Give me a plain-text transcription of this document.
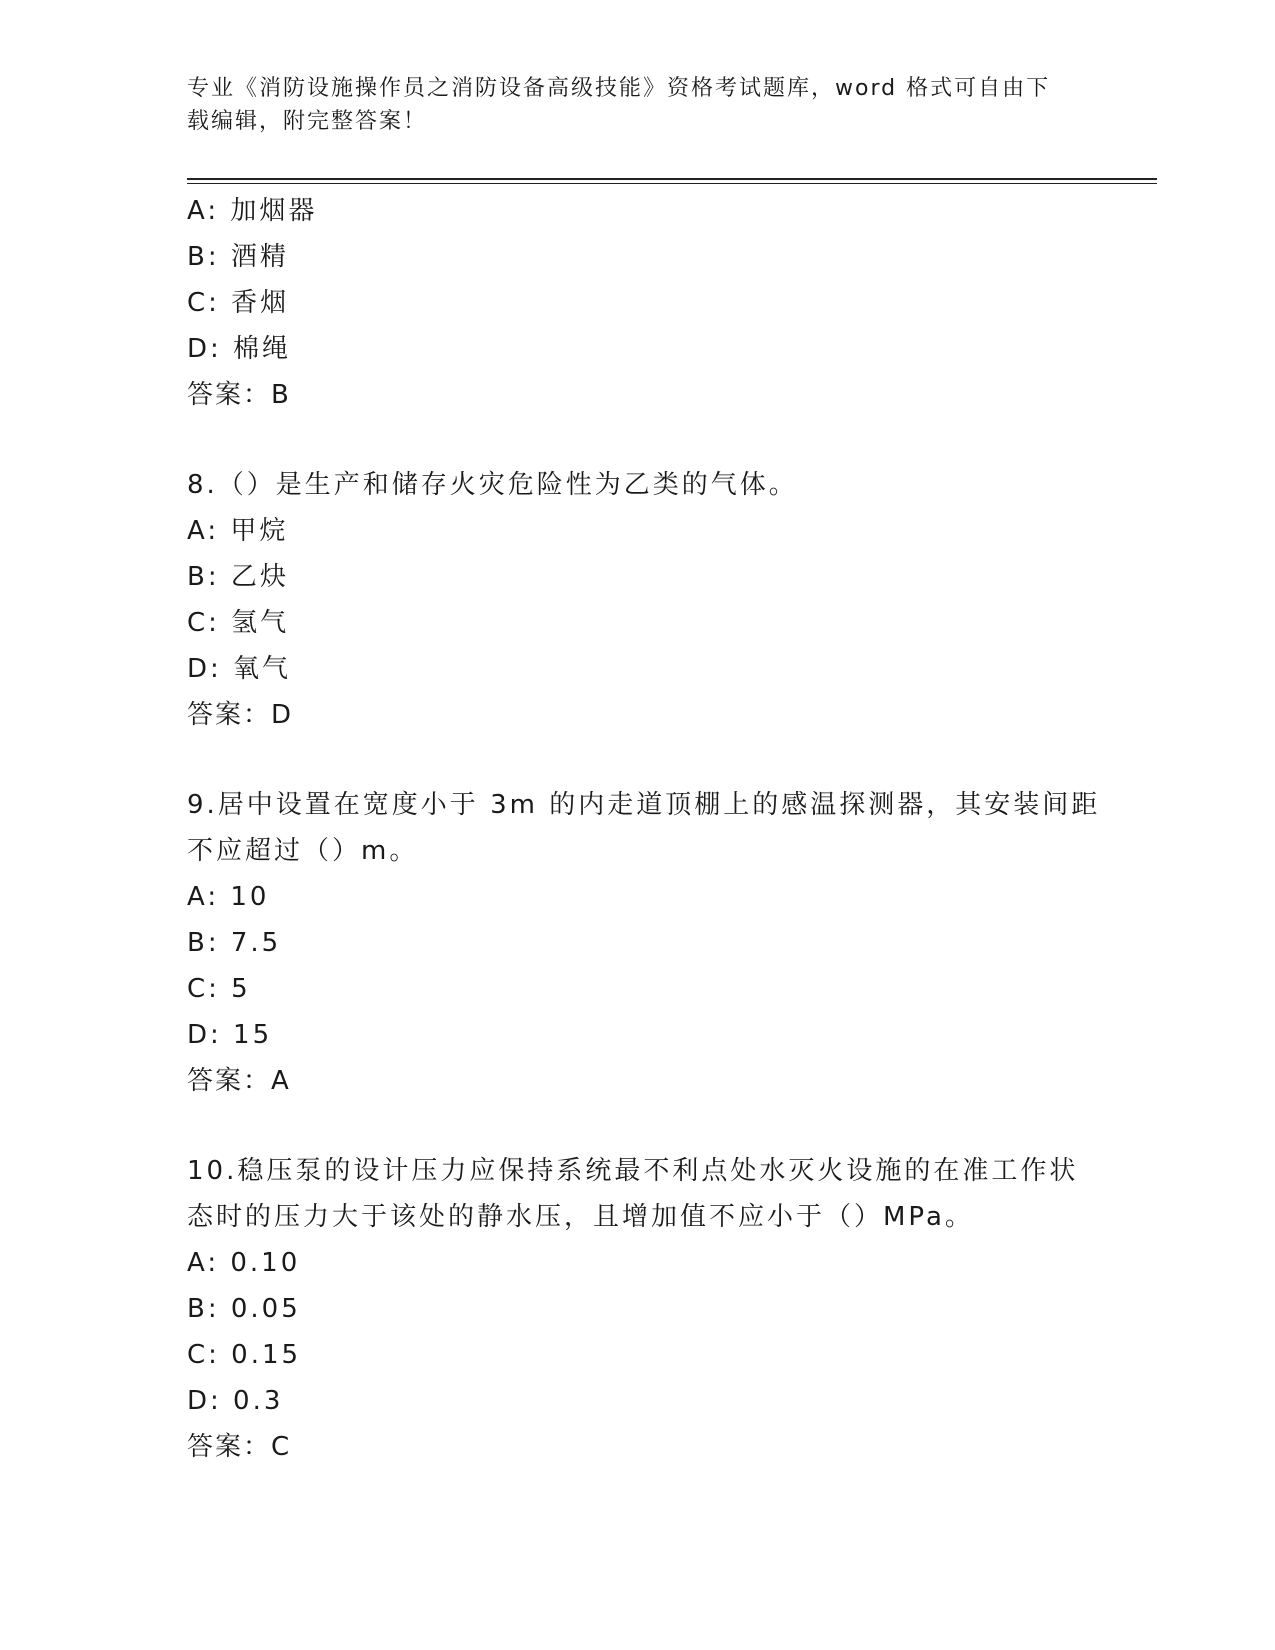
专业《消防设施操作员之消防设备高级技能》资格考试题库，word 格式可自由下
载编辑，附完整答案！
A: 加烟器
B: 酒精
C: 香烟
D: 棉绳
答案：B
8.（）是生产和储存火灾危险性为乙类的气体。
A: 甲烷
B: 乙炔
C: 氢气
D: 氧气
答案：D
9.居中设置在宽度小于 3m 的内走道顶棚上的感温探测器，其安装间距
不应超过（）m。
A: 10
B: 7.5
C: 5
D: 15
答案：A
10.稳压泵的设计压力应保持系统最不利点处水灭火设施的在准工作状
态时的压力大于该处的静水压，且增加值不应小于（）MPa。
A: 0.10
B: 0.05
C: 0.15
D: 0.3
答案：C
